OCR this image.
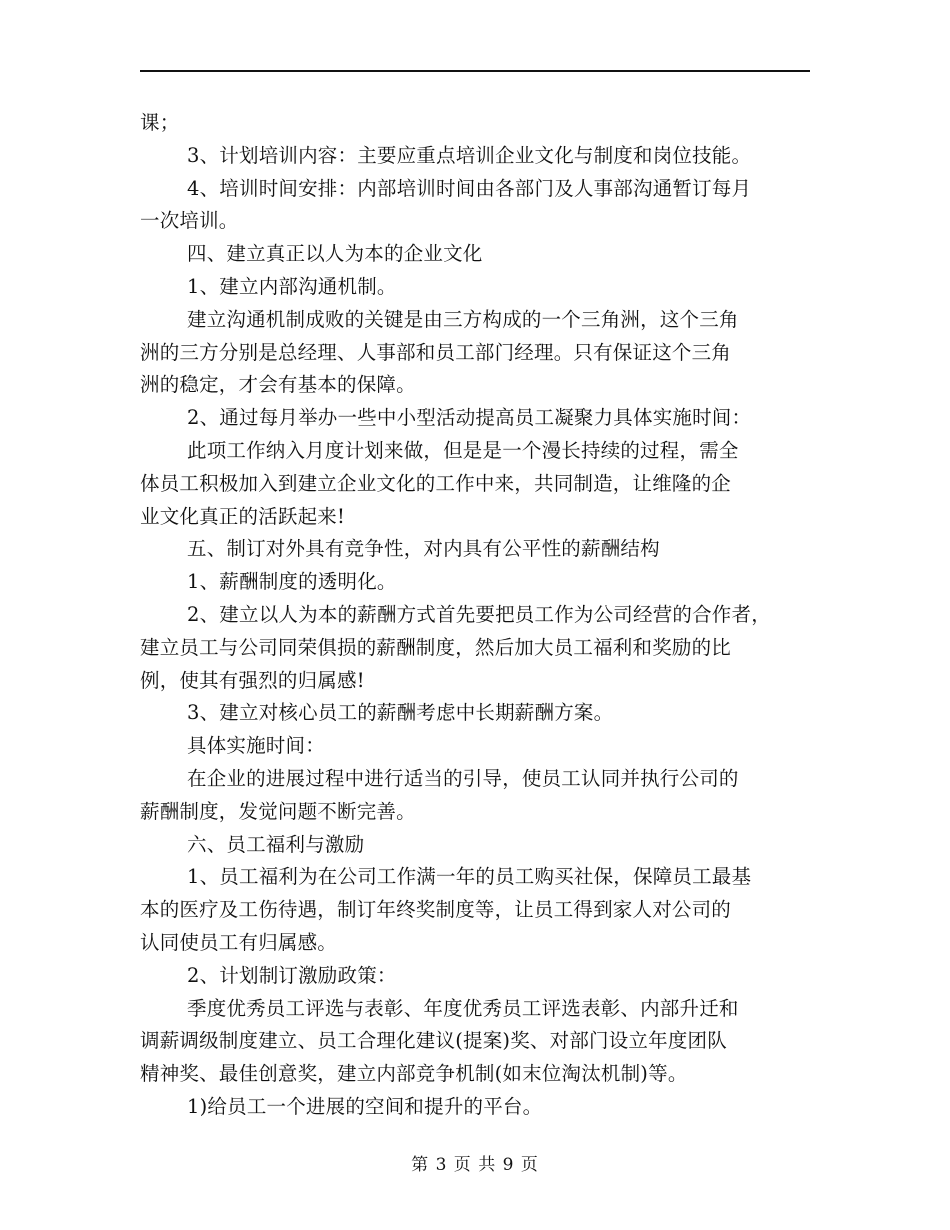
课；
3、计划培训内容：主要应重点培训企业文化与制度和岗位技能。
4、培训时间安排：内部培训时间由各部门及人事部沟通暂订每月
一次培训。
四、建立真正以人为本的企业文化
1、建立内部沟通机制。
建立沟通机制成败的关键是由三方构成的一个三角洲，这个三角
洲的三方分别是总经理、人事部和员工部门经理。只有保证这个三角
洲的稳定，才会有基本的保障。
2、通过每月举办一些中小型活动提高员工凝聚力具体实施时间：
此项工作纳入月度计划来做，但是是一个漫长持续的过程，需全
体员工积极加入到建立企业文化的工作中来，共同制造，让维隆的企
业文化真正的活跃起来!
五、制订对外具有竞争性，对内具有公平性的薪酬结构
1、薪酬制度的透明化。
2、建立以人为本的薪酬方式首先要把员工作为公司经营的合作者，
建立员工与公司同荣俱损的薪酬制度，然后加大员工福利和奖励的比
例，使其有强烈的归属感!
3、建立对核心员工的薪酬考虑中长期薪酬方案。
具体实施时间：
在企业的进展过程中进行适当的引导，使员工认同并执行公司的
薪酬制度，发觉问题不断完善。
六、员工福利与激励
1、员工福利为在公司工作满一年的员工购买社保，保障员工最基
本的医疗及工伤待遇，制订年终奖制度等，让员工得到家人对公司的
认同使员工有归属感。
2、计划制订激励政策：
季度优秀员工评选与表彰、年度优秀员工评选表彰、内部升迁和
调薪调级制度建立、员工合理化建议(提案)奖、对部门设立年度团队
精神奖、最佳创意奖，建立内部竞争机制(如末位淘汰机制)等。
1)给员工一个进展的空间和提升的平台。
第 3 页 共 9 页
